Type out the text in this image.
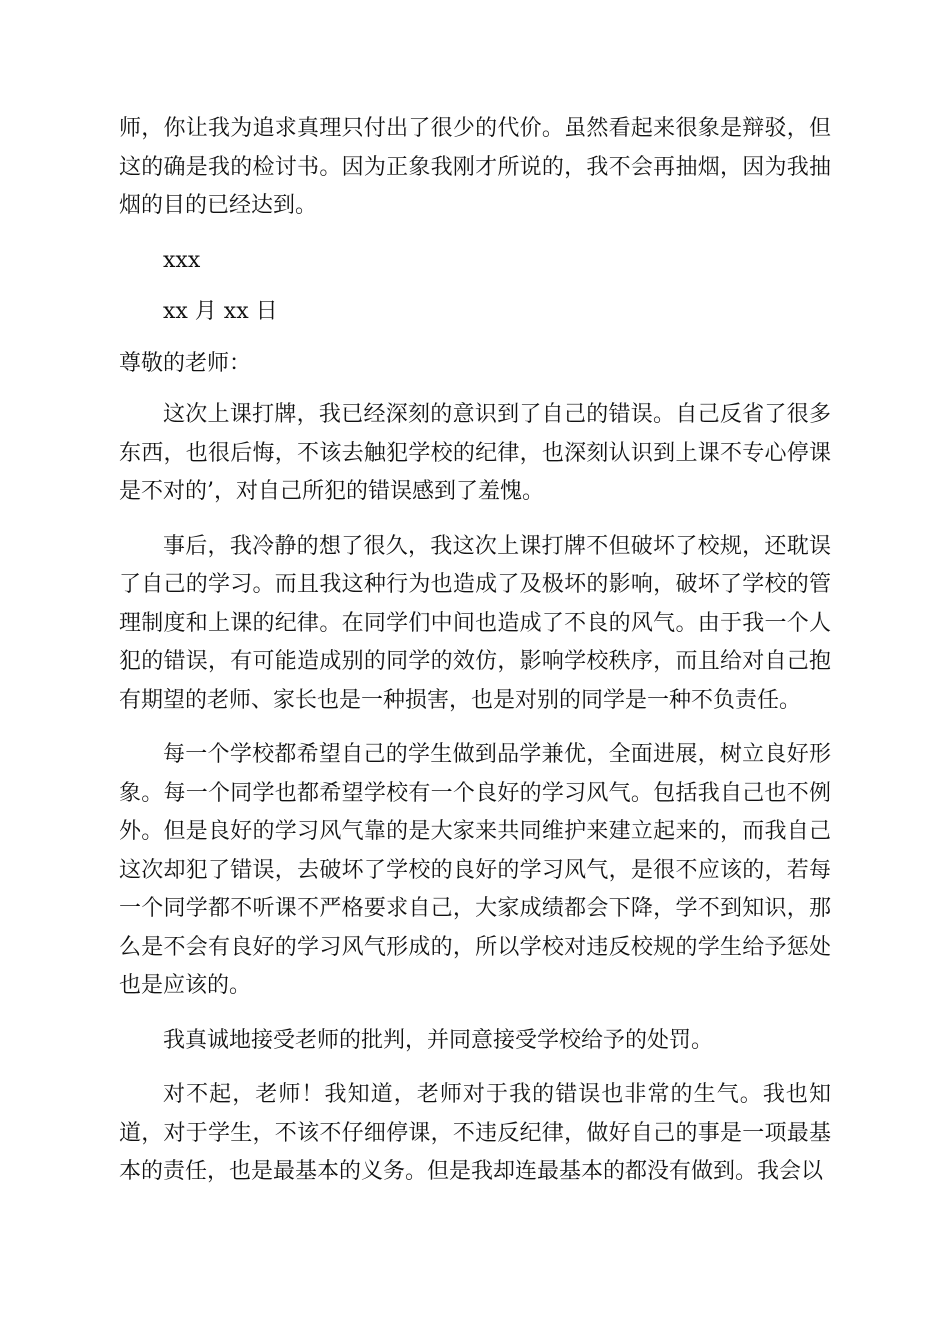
师，你让我为追求真理只付出了很少的代价。虽然看起来很象是辩驳，但这的确是我的检讨书。因为正象我刚才所说的，我不会再抽烟，因为我抽烟的目的已经达到。

xxx

xx 月 xx 日

尊敬的老师：

这次上课打牌，我已经深刻的意识到了自己的错误。自己反省了很多东西，也很后悔，不该去触犯学校的纪律，也深刻认识到上课不专心停课是不对的’，对自己所犯的错误感到了羞愧。

事后，我冷静的想了很久，我这次上课打牌不但破坏了校规，还耽误了自己的学习。而且我这种行为也造成了及极坏的影响，破坏了学校的管理制度和上课的纪律。在同学们中间也造成了不良的风气。由于我一个人犯的错误，有可能造成别的同学的效仿，影响学校秩序，而且给对自己抱有期望的老师、家长也是一种损害，也是对别的同学是一种不负责任。

每一个学校都希望自己的学生做到品学兼优，全面进展，树立良好形象。每一个同学也都希望学校有一个良好的学习风气。包括我自己也不例外。但是良好的学习风气靠的是大家来共同维护来建立起来的，而我自己这次却犯了错误，去破坏了学校的良好的学习风气，是很不应该的，若每一个同学都不听课不严格要求自己，大家成绩都会下降，学不到知识，那么是不会有良好的学习风气形成的，所以学校对违反校规的学生给予惩处也是应该的。

我真诚地接受老师的批判，并同意接受学校给予的处罚。

对不起，老师！我知道，老师对于我的错误也非常的生气。我也知道，对于学生，不该不仔细停课，不违反纪律，做好自己的事是一项最基本的责任，也是最基本的义务。但是我却连最基本的都没有做到。我会以
